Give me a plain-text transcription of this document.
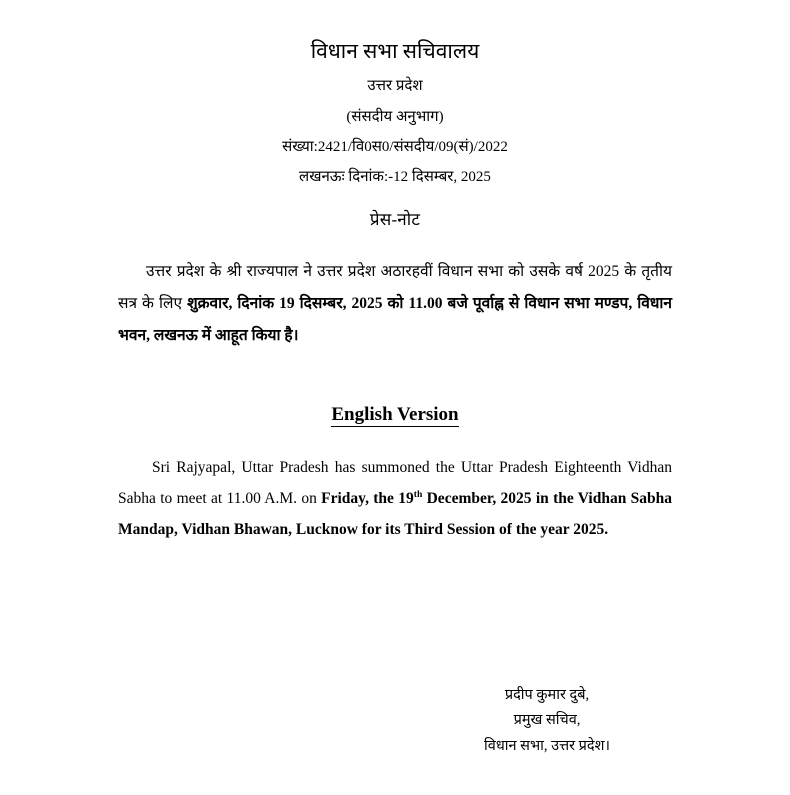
विधान सभा सचिवालय
उत्तर प्रदेश
(संसदीय अनुभाग)
संख्या:2421/वि0स0/संसदीय/09(सं)/2022
लखनऊः दिनांक:-12 दिसम्बर, 2025
प्रेस-नोट
उत्तर प्रदेश के श्री राज्यपाल ने उत्तर प्रदेश अठारहवीं विधान सभा को उसके वर्ष 2025 के तृतीय सत्र के लिए शुक्रवार, दिनांक 19 दिसम्बर, 2025 को 11.00 बजे पूर्वाह्न से विधान सभा मण्डप, विधान भवन, लखनऊ में आहूत किया है।
English Version
Sri Rajyapal, Uttar Pradesh has summoned the Uttar Pradesh Eighteenth Vidhan Sabha to meet at 11.00 A.M. on Friday, the 19th December, 2025 in the Vidhan Sabha Mandap, Vidhan Bhawan, Lucknow for its Third Session of the year 2025.
प्रदीप कुमार दुबे,
प्रमुख सचिव,
विधान सभा, उत्तर प्रदेश।
